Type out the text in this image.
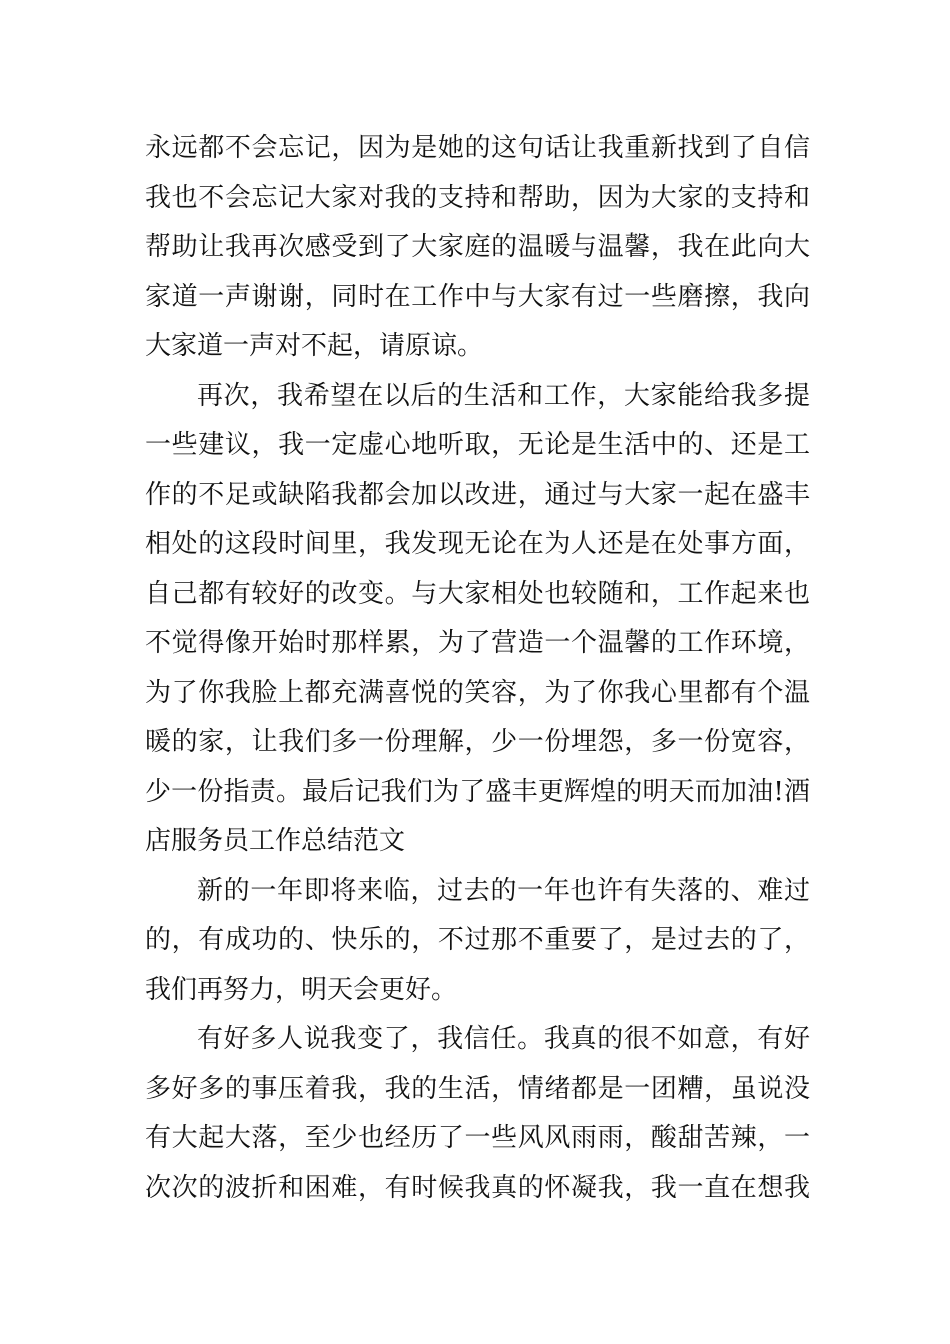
永远都不会忘记，因为是她的这句话让我重新找到了自信
我也不会忘记大家对我的支持和帮助，因为大家的支持和
帮助让我再次感受到了大家庭的温暖与温馨，我在此向大
家道一声谢谢，同时在工作中与大家有过一些磨擦，我向
大家道一声对不起，请原谅。
再次，我希望在以后的生活和工作，大家能给我多提
一些建议，我一定虚心地听取，无论是生活中的、还是工
作的不足或缺陷我都会加以改进，通过与大家一起在盛丰
相处的这段时间里，我发现无论在为人还是在处事方面，
自己都有较好的改变。与大家相处也较随和，工作起来也
不觉得像开始时那样累，为了营造一个温馨的工作环境，
为了你我脸上都充满喜悦的笑容，为了你我心里都有个温
暖的家，让我们多一份理解，少一份埋怨，多一份宽容，
少一份指责。最后记我们为了盛丰更辉煌的明天而加油!酒
店服务员工作总结范文
新的一年即将来临，过去的一年也许有失落的、难过
的，有成功的、快乐的，不过那不重要了，是过去的了，
我们再努力，明天会更好。
有好多人说我变了，我信任。我真的很不如意，有好
多好多的事压着我，我的生活，情绪都是一团糟，虽说没
有大起大落，至少也经历了一些风风雨雨，酸甜苦辣，一
次次的波折和困难，有时候我真的怀凝我，我一直在想我
